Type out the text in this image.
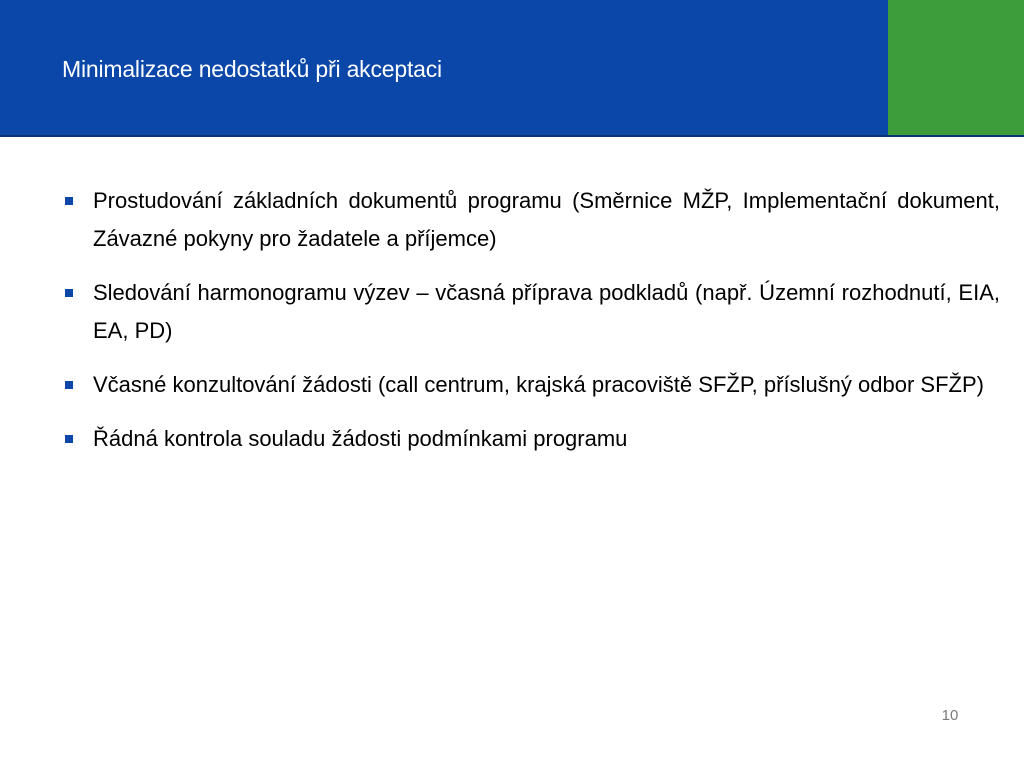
Minimalizace nedostatků při akceptaci
Prostudování základních dokumentů programu (Směrnice MŽP, Implementační dokument, Závazné pokyny pro žadatele a příjemce)
Sledování harmonogramu výzev – včasná příprava podkladů (např. Územní rozhodnutí, EIA, EA, PD)
Včasné konzultování žádosti (call centrum, krajská pracoviště SFŽP, příslušný odbor SFŽP)
Řádná kontrola souladu žádosti podmínkami programu
10
